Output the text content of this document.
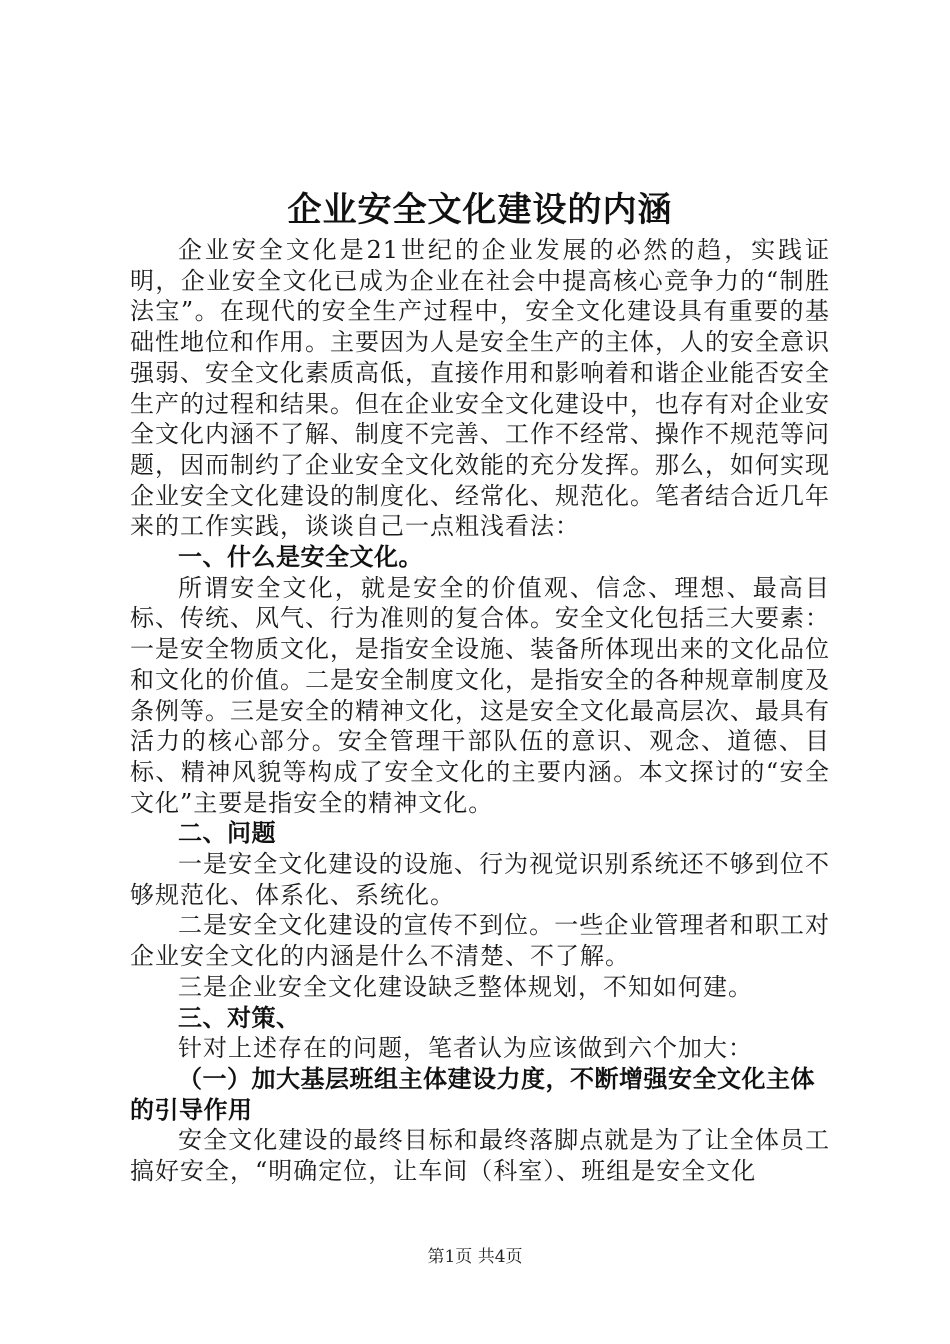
企业安全文化建设的内涵

企业安全文化是21世纪的企业发展的必然的趋，实践证明，企业安全文化已成为企业在社会中提高核心竞争力的“制胜法宝”。在现代的安全生产过程中，安全文化建设具有重要的基础性地位和作用。主要因为人是安全生产的主体，人的安全意识强弱、安全文化素质高低，直接作用和影响着和谐企业能否安全生产的过程和结果。但在企业安全文化建设中，也存有对企业安全文化内涵不了解、制度不完善、工作不经常、操作不规范等问题，因而制约了企业安全文化效能的充分发挥。那么，如何实现企业安全文化建设的制度化、经常化、规范化。笔者结合近几年来的工作实践，谈谈自己一点粗浅看法：

一、什么是安全文化。

所谓安全文化，就是安全的价值观、信念、理想、最高目标、传统、风气、行为准则的复合体。安全文化包括三大要素：一是安全物质文化，是指安全设施、装备所体现出来的文化品位和文化的价值。二是安全制度文化，是指安全的各种规章制度及条例等。三是安全的精神文化，这是安全文化最高层次、最具有活力的核心部分。安全管理干部队伍的意识、观念、道德、目标、精神风貌等构成了安全文化的主要内涵。本文探讨的“安全文化”主要是指安全的精神文化。

二、问题

一是安全文化建设的设施、行为视觉识别系统还不够到位不够规范化、体系化、系统化。

二是安全文化建设的宣传不到位。一些企业管理者和职工对企业安全文化的内涵是什么不清楚、不了解。

三是企业安全文化建设缺乏整体规划，不知如何建。

三、对策、

针对上述存在的问题，笔者认为应该做到六个加大：

（一）加大基层班组主体建设力度，不断增强安全文化主体的引导作用

安全文化建设的最终目标和最终落脚点就是为了让全体员工搞好安全，“明确定位，让车间（科室）、班组是安全文化

第1页 共4页
